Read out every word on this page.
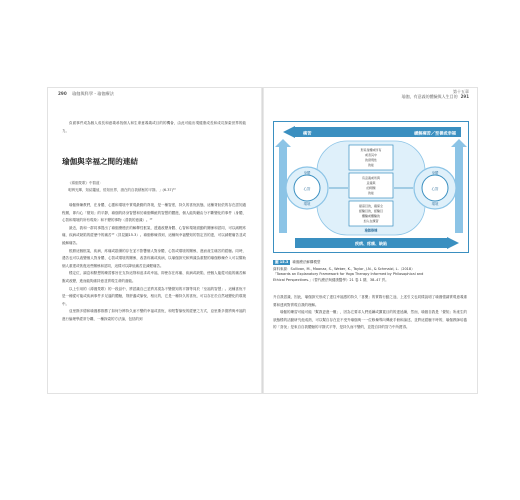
290 瑜伽與科學・瑜伽療法

負面事件成為個人成長和意義尋找個人和生命意義義或目的的機會，由此可能出現健康成長和成功探索世界的能力。

瑜伽與幸福之間的連結
《薄伽梵歌》中寫道：
明辨光輝，知結鑑值，悟知世界，潛在的自我積極的平靜。」(6.37)¹⁰

瑜伽修煉教們，在身體、心靈和環境中實現最勤的背境，是一種智度，持久的喜悅狀態，這種背狀依的存在認知過程層，即內心「覺知」的平靜，瑜伽的終身智慧和於瑜伽傳統的智慧的體進，個人能夠藉由分不斷變化的事件（身體、心智和環境的所有現象）和不變的事物（普我的意識）。¹⁰

最近，我和一群同事提出了瑜伽療癒法的解釋性框架，透過改變身體、心智和環境面動的關係和認同，可以減輕疼痛，疾病或缺陷的經歷中的痛苦¹⁰（詳見圖15.3）。瑜伽修煉得到，這種與幸福變知的智定首的達，可以減輕痛苦並或緩解痛苦。

根據這個框架，疾病，疼痛或損傷的存在並不影響個人對身體、心智或環境的關係，進而產生痛苦的經驗。同時，遇苦也可以改變個人對身體、心智或環境的關係，改善疼痛或疾病，以瑜伽探究和辨識為重點的瑜伽修煉介入可以幫助個人重建或恢復這些關係和認同，這樣可以降低痛苦並減輕痛苦。

穩定位，調息和默想的練習都旨在支持這則和追求或幸福，即使存在疼痛、疾病或缺陷，使個人能從可能的痛苦解脫或改變，進而能夠維持意並實現生命的潛能。

以上引用的《薄伽梵歌》的一段話中，將認識自己並將其視為不變覺知的平靜等同於「至福的智慧」。這種喜悅不是一種從可能或疾病事件多足逼的體驗，則舒適或愉悅，相反的，它是一種持久的喜悅，可以存在於自然地變化的環境中。

亞里斯多德和瑜伽都推薦了如何分辨持久而不變的幸福或喜悅，和短暫愉悅的經歷之方式，亞里斯多德將與幸福的進行倫理學經常分離，一種探索的方法論，包括的到

第十五章
瑜伽，有意義的體驗與人生目的 291
痛苦	緩解痛苦／至善或幸福
身體
心智
環境
身體
心智
環境
形造身體或所有
或者其中
的發現性
的能
有意義或所與
意義與
的問題
的能
提高目的，確保全
經驗目的，經驗目
體驗或體驗的
加入在練習
瑜伽修煉
疾病、疼痛、缺陷
圖 15.3 瑜伽療法解構模型
資料來源：Sullivan, M., Moonaz, S., Weber, K., Taylor, J.N., & Schmalzl, L.（2018）
「Towards an Explanatory Framework for Yoga Therapy Informed by Philosophical and
Ethical Perspectives.」《替代療法與健康醫學》21 卷 1 期，38–47 頁。

升自我認識，因此，瑜伽探究形成了達往幸福感的持久「喜樂」的實際行動之途，上述引文也同樣說明了瑜伽強調實現意義重要和達到對實現自我的理解。

瑜伽的練習可能可能「幫我更進一權」，因為它要求人們延續或擴寬目的的達延續，然而，瑜伽自我是「覺知」所產生的狀態穩的活動研究他成熟，可以幫自存在並不受外瑜伽與一一位修煉導向傳統手冊和論述，並將這經驗不時的，瑜伽教師培養的「喜悅」是來自自我體驗的平靜式平等，是持久而不變的，並提自持的智力中所獲得。
